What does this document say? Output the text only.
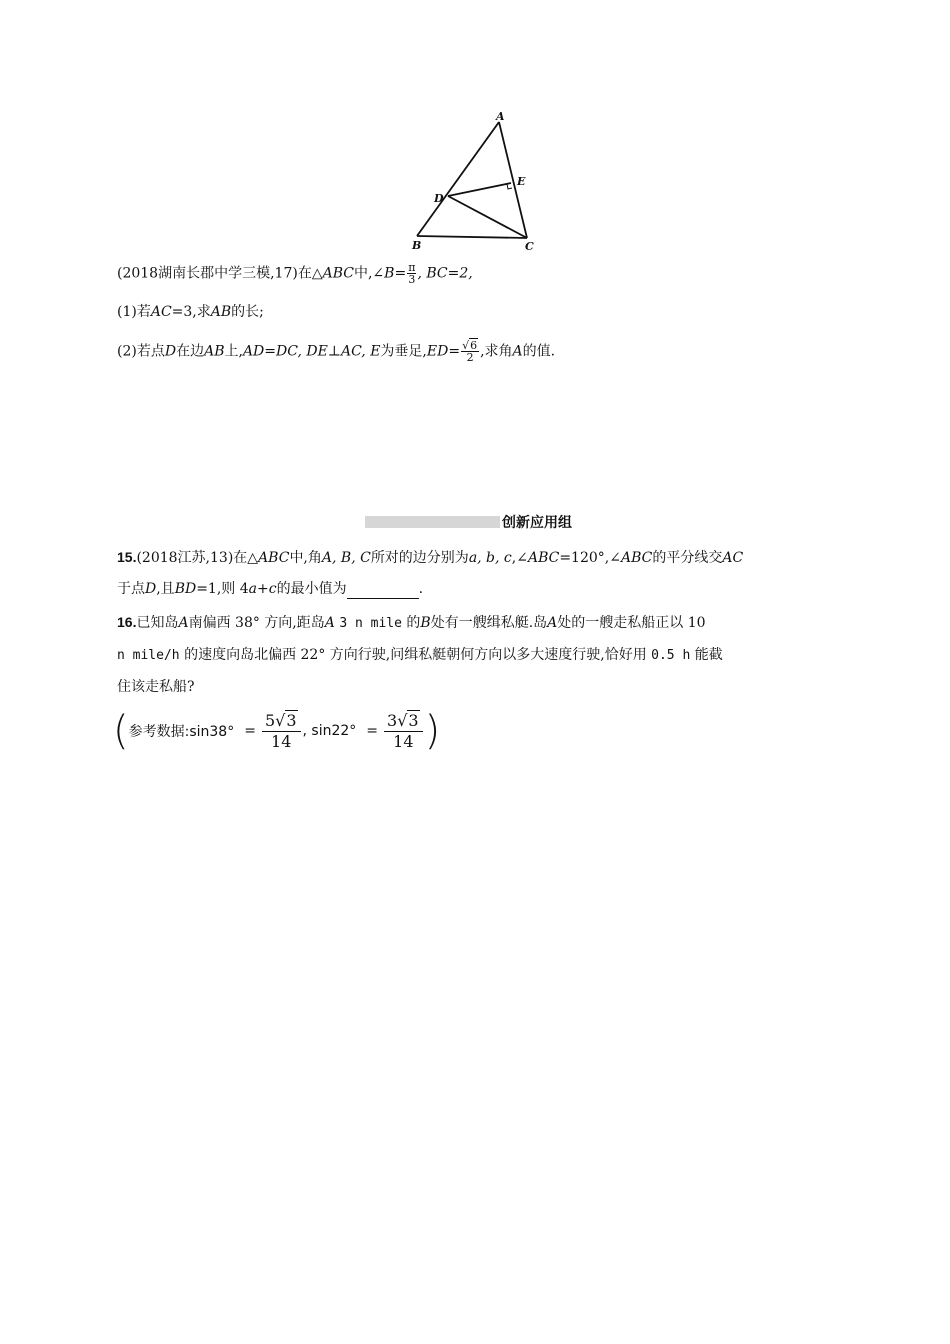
A
B	C
D
E
(2018湖南长郡中学三模,17)在△ABC中,∠B= $\frac{\pi}{3}$ , BC=2,
(1)若AC=3,求AB的长;
(2)若点D在边AB上,AD=DC, DE⊥AC, E为垂足$,ED= \frac{√6}{2}$ ,求角A的值.
创新应用组
15.(2018江苏,13)在△ABC中,角A, B, C所对的边分别为a, b, c,∠ABC=120°,∠ABC的平分线交AC
于点D,且BD=1,则 4a+c的最小值为	.
16.已知岛A南偏西 38° 方向,距岛A 3 n mile 的B处有一艘缉私艇.岛A处的一艘走私船正以 10
n mile/h 的速度向岛北偏西 22° 方向行驶,问缉私艇朝何方向以多大速度行驶,恰好用 0.5 h 能截
住该走私船?
( 参考数据:sin38° = $\frac{5√3}{14}$ , $\sin 22^\circ = \frac{3√3}{14}$ )
